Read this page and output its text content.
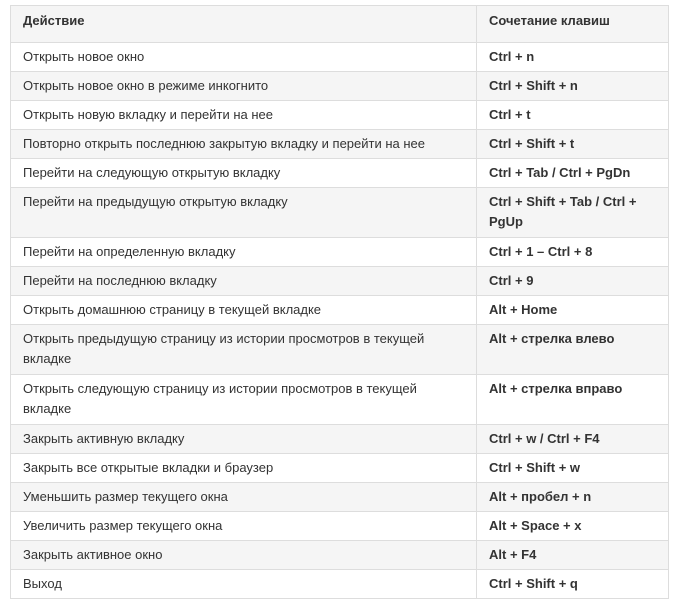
Действие	Сочетание клавиш
Открыть новое окно	Ctrl + n
Открыть новое окно в режиме инкогнито	Ctrl + Shift + n
Открыть новую вкладку и перейти на нее	Ctrl + t
Повторно открыть последнюю закрытую вкладку и перейти на нее	Ctrl + Shift + t
Перейти на следующую открытую вкладку	Ctrl + Tab / Ctrl + PgDn
Перейти на предыдущую открытую вкладку	Ctrl + Shift + Tab / Ctrl + PgUp
Перейти на определенную вкладку	Ctrl + 1 – Ctrl + 8
Перейти на последнюю вкладку	Ctrl + 9
Открыть домашнюю страницу в текущей вкладке	Alt + Home
Открыть предыдущую страницу из истории просмотров в текущей вкладке	Alt + стрелка влево
Открыть следующую страницу из истории просмотров в текущей вкладке	Alt + стрелка вправо
Закрыть активную вкладку	Ctrl + w / Ctrl + F4
Закрыть все открытые вкладки и браузер	Ctrl + Shift + w
Уменьшить размер текущего окна	Alt + пробел + n
Увеличить размер текущего окна	Alt + Space + x
Закрыть активное окно	Alt + F4
Выход	Ctrl + Shift + q
